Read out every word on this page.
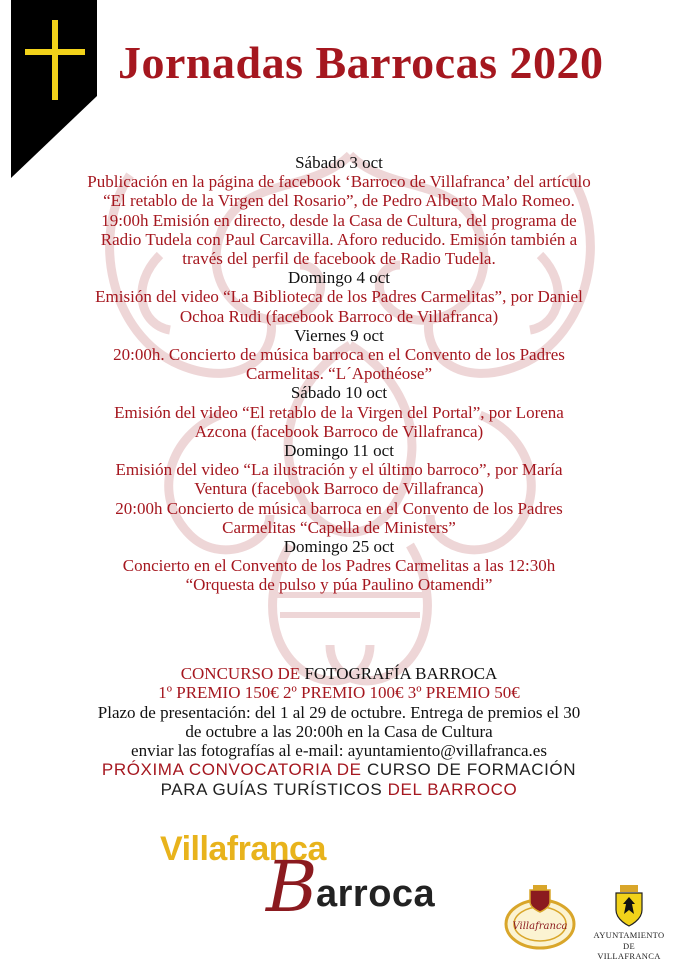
Jornadas Barrocas 2020
Sábado 3 oct
Publicación en la página de facebook ‘Barroco de Villafranca’ del artículo
“El retablo de la Virgen del Rosario”, de Pedro Alberto Malo Romeo.
19:00h Emisión en directo, desde la Casa de Cultura, del programa de
Radio Tudela con Paul Carcavilla. Aforo reducido. Emisión también a
través del perfil de facebook de Radio Tudela.
Domingo 4 oct
Emisión del video “La Biblioteca de los Padres Carmelitas”, por Daniel
Ochoa Rudi (facebook Barroco de Villafranca)
Viernes 9 oct
20:00h. Concierto de música barroca en el Convento de los Padres
Carmelitas. “L´Apothéose”
Sábado 10 oct
Emisión del video “El retablo de la Virgen del Portal”, por Lorena
Azcona (facebook Barroco de Villafranca)
Domingo 11 oct
Emisión del video “La ilustración y el último barroco”, por María
Ventura (facebook Barroco de Villafranca)
20:00h Concierto de música barroca en el Convento de los Padres
Carmelitas “Capella de Ministers”
Domingo 25 oct
Concierto en el Convento de los Padres Carmelitas a las 12:30h
“Orquesta de pulso y púa Paulino Otamendi”
CONCURSO DE FOTOGRAFÍA BARROCA
1º PREMIO 150€ 2º PREMIO 100€ 3º PREMIO 50€
Plazo de presentación: del 1 al 29 de octubre. Entrega de premios el 30
de octubre a las 20:00h en la Casa de Cultura
enviar las fotografías al e-mail: ayuntamiento@villafranca.es
PRÓXIMA CONVOCATORIA DE CURSO DE FORMACIÓN
PARA GUÍAS TURÍSTICOS DEL BARROCO
Villafranca
B
arroca
Villafranca
AYUNTAMIENTO
DE VILLAFRANCA
